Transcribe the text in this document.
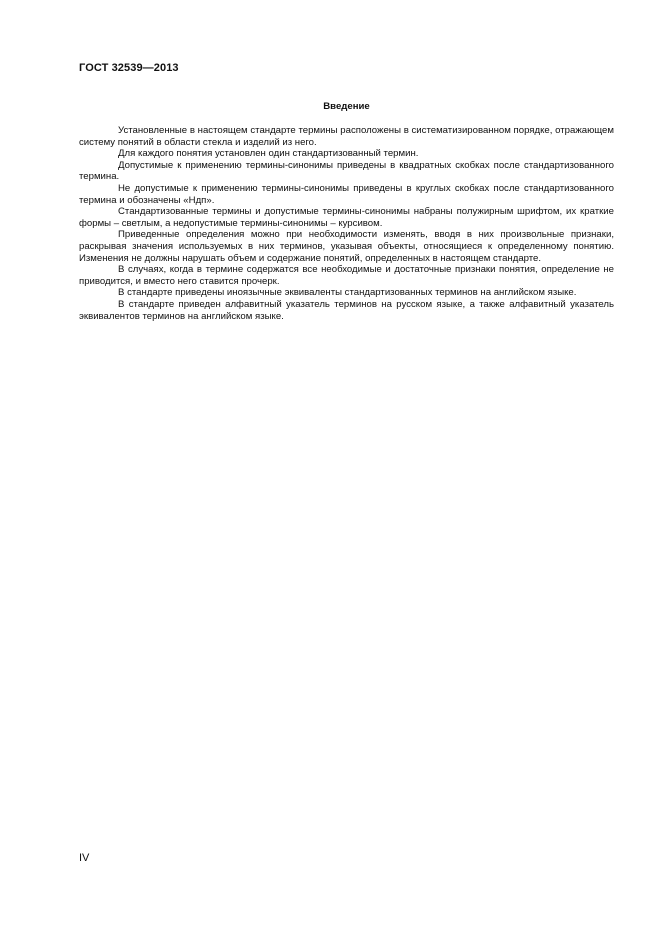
ГОСТ 32539—2013
Введение

Установленные в настоящем стандарте термины расположены в систематизированном порядке, отражающем систему понятий в области стекла и изделий из него.

Для каждого понятия установлен один стандартизованный термин.

Допустимые к применению термины-синонимы приведены в квадратных скобках после стандартизованного термина.

Не допустимые к применению термины-синонимы приведены в круглых скобках после стандартизованного термина и обозначены «Ндп».

Стандартизованные термины и допустимые термины-синонимы набраны полужирным шрифтом, их краткие формы – светлым, а недопустимые термины-синонимы – курсивом.

Приведенные определения можно при необходимости изменять, вводя в них произвольные признаки, раскрывая значения используемых в них терминов, указывая объекты, относящиеся к определенному понятию. Изменения не должны нарушать объем и содержание понятий, определенных в настоящем стандарте.

В случаях, когда в термине содержатся все необходимые и достаточные признаки понятия, определение не приводится, и вместо него ставится прочерк.

В стандарте приведены иноязычные эквиваленты стандартизованных терминов на английском языке.

В стандарте приведен алфавитный указатель терминов на русском языке, а также алфавитный указатель эквивалентов терминов на английском языке.

IV
